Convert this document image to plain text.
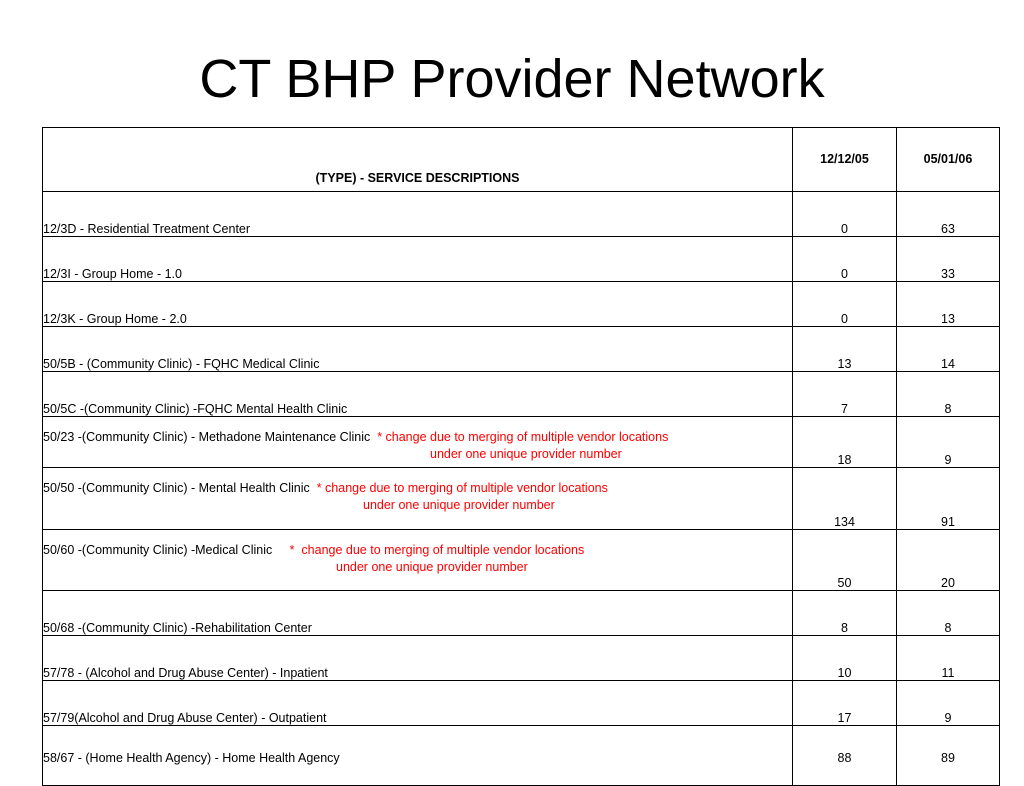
CT BHP Provider Network
(TYPE) - SERVICE DESCRIPTIONS	12/12/05	05/01/06
12/3D - Residential Treatment Center	0	63
12/3I - Group Home - 1.0	0	33
12/3K - Group Home - 2.0	0	13
50/5B - (Community Clinic) - FQHC Medical Clinic	13	14
50/5C -(Community Clinic) -FQHC Mental Health Clinic	7	8

50/23 -(Community Clinic) - Methadone Maintenance Clinic * change due to merging of multiple vendor locations
under one unique provider number	18	9

50/50 -(Community Clinic) - Mental Health Clinic * change due to merging of multiple vendor locations
under one unique provider number	134	91

50/60 -(Community Clinic) -Medical Clinic *  change due to merging of multiple vendor locations
under one unique provider number	50	20
50/68 -(Community Clinic) -Rehabilitation Center	8	8
57/78 - (Alcohol and Drug Abuse Center) - Inpatient	10	11
57/79(Alcohol and Drug Abuse Center) - Outpatient	17	9
58/67 - (Home Health Agency) - Home Health Agency	88	89
